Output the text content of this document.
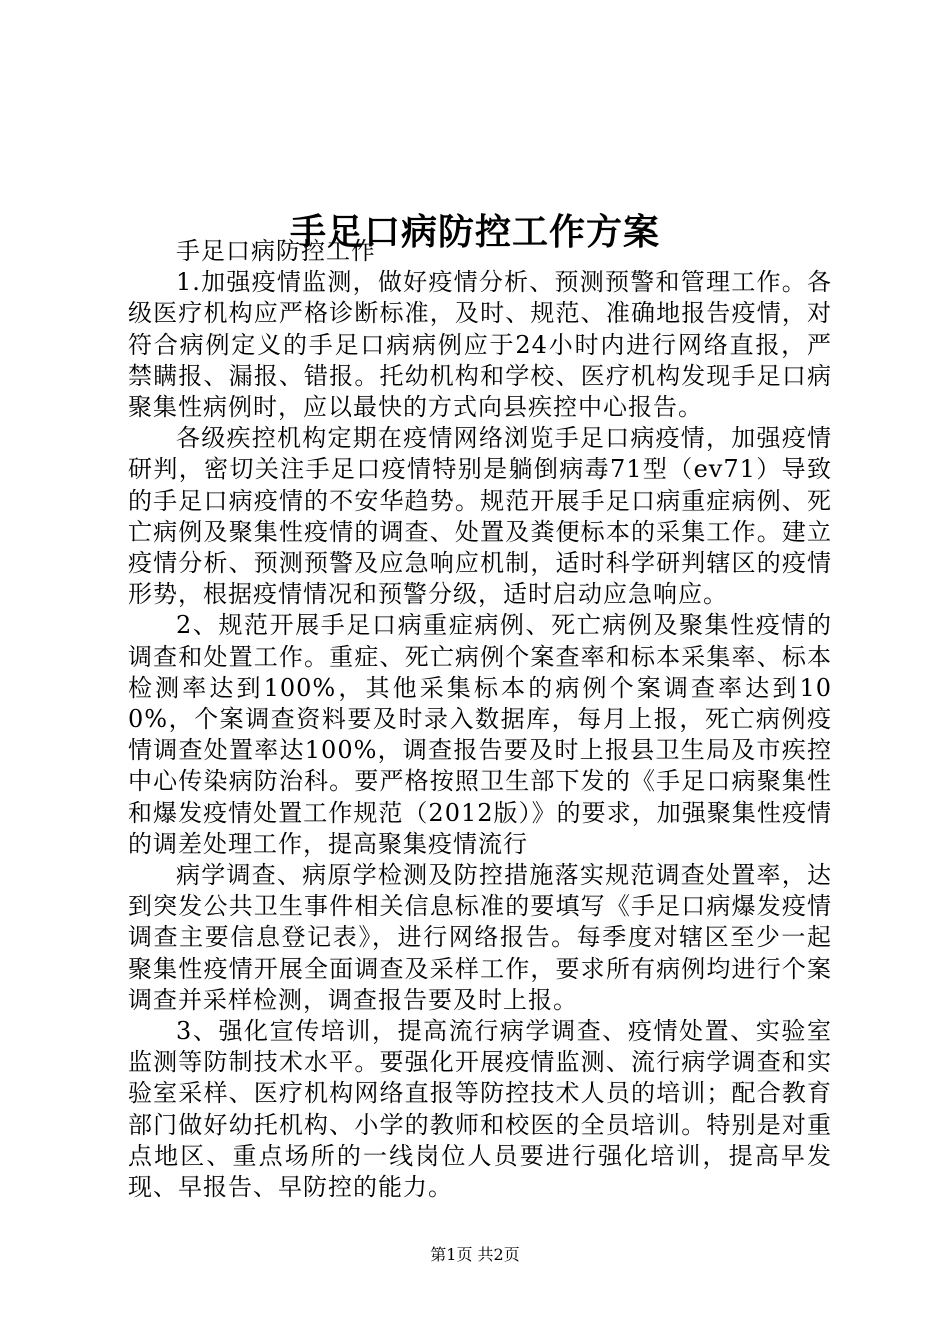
手足口病防控工作方案

手足口病防控工作

1.加强疫情监测，做好疫情分析、预测预警和管理工作。各级医疗机构应严格诊断标准，及时、规范、准确地报告疫情，对符合病例定义的手足口病病例应于24小时内进行网络直报，严禁瞒报、漏报、错报。托幼机构和学校、医疗机构发现手足口病聚集性病例时，应以最快的方式向县疾控中心报告。

各级疾控机构定期在疫情网络浏览手足口病疫情，加强疫情研判，密切关注手足口疫情特别是躺倒病毒71型（ev71）导致的手足口病疫情的不安华趋势。规范开展手足口病重症病例、死亡病例及聚集性疫情的调查、处置及粪便标本的采集工作。建立疫情分析、预测预警及应急响应机制，适时科学研判辖区的疫情形势，根据疫情情况和预警分级，适时启动应急响应。

2、规范开展手足口病重症病例、死亡病例及聚集性疫情的调查和处置工作。重症、死亡病例个案查率和标本采集率、标本检测率达到100%，其他采集标本的病例个案调查率达到100%，个案调查资料要及时录入数据库，每月上报，死亡病例疫情调查处置率达100%，调查报告要及时上报县卫生局及市疾控中心传染病防治科。要严格按照卫生部下发的《手足口病聚集性和爆发疫情处置工作规范（2012版）》的要求，加强聚集性疫情的调差处理工作，提高聚集疫情流行

病学调查、病原学检测及防控措施落实规范调查处置率，达到突发公共卫生事件相关信息标准的要填写《手足口病爆发疫情调查主要信息登记表》，进行网络报告。每季度对辖区至少一起聚集性疫情开展全面调查及采样工作，要求所有病例均进行个案调查并采样检测，调查报告要及时上报。

3、强化宣传培训，提高流行病学调查、疫情处置、实验室监测等防制技术水平。要强化开展疫情监测、流行病学调查和实验室采样、医疗机构网络直报等防控技术人员的培训；配合教育部门做好幼托机构、小学的教师和校医的全员培训。特别是对重点地区、重点场所的一线岗位人员要进行强化培训，提高早发现、早报告、早防控的能力。

第1页 共2页
